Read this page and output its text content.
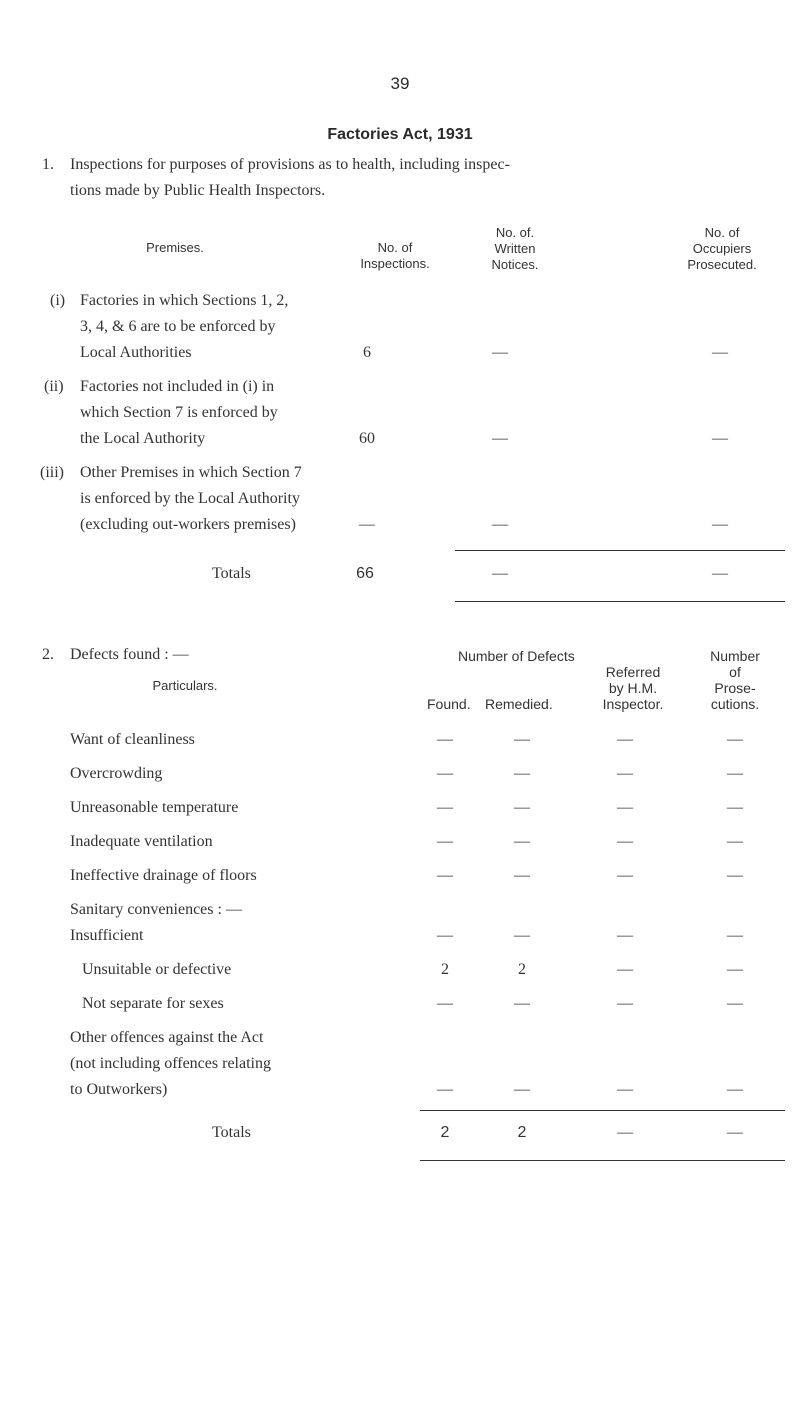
39
Factories Act, 1931
1. Inspections for purposes of provisions as to health, including inspec-
tions made by Public Health Inspectors.
Premises.	No. of
Inspections.
No. of.
Written
Notices.
No. of
Occupiers
Prosecuted.
(i) Factories in which Sections 1, 2,
3, 4, & 6 are to be enforced by
Local Authorities	6	—	—
(ii) Factories not included in (i) in
which Section 7 is enforced by
the Local Authority	60	—	—
(iii) Other Premises in which Section 7
is enforced by the Local Authority
(excluding out-workers premises)	—	—	—
Totals	66	—	—
2. Defects found : —
Particulars.
Number of Defects
Found. Remedied.
Referred
by H.M.
Inspector.
Number
of
Prose-
cutions.
Want of cleanliness	—	—	—	—
Overcrowding	—	—	—	—
Unreasonable temperature	—	—	—	—
Inadequate ventilation	—	—	—	—
Ineffective drainage of floors	—	—	—	—
Sanitary conveniences : —
Insufficient	—	—	—	—
Unsuitable or defective	2	2	—	—
Not separate for sexes	—	—	—	—
Other offences against the Act
(not including offences relating
to Outworkers)	—	—	—	—
Totals	2	2	—	—
